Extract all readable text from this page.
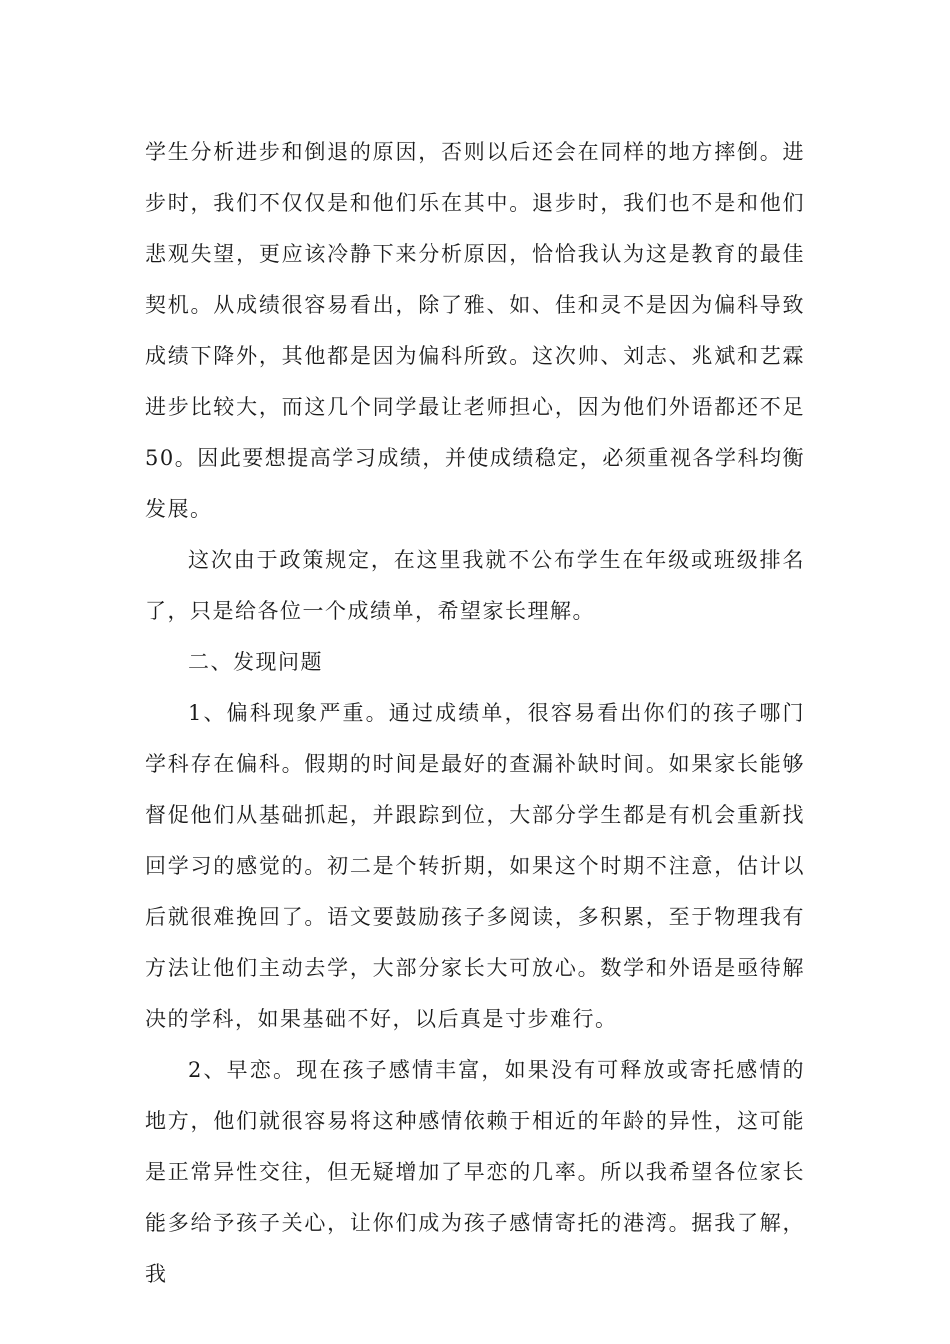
学生分析进步和倒退的原因，否则以后还会在同样的地方摔倒。进步时，我们不仅仅是和他们乐在其中。退步时，我们也不是和他们悲观失望，更应该冷静下来分析原因，恰恰我认为这是教育的最佳契机。从成绩很容易看出，除了雅、如、佳和灵不是因为偏科导致成绩下降外，其他都是因为偏科所致。这次帅、刘志、兆斌和艺霖进步比较大，而这几个同学最让老师担心，因为他们外语都还不足50。因此要想提高学习成绩，并使成绩稳定，必须重视各学科均衡发展。

这次由于政策规定，在这里我就不公布学生在年级或班级排名了，只是给各位一个成绩单，希望家长理解。

二、发现问题

1、偏科现象严重。通过成绩单，很容易看出你们的孩子哪门学科存在偏科。假期的时间是最好的查漏补缺时间。如果家长能够督促他们从基础抓起，并跟踪到位，大部分学生都是有机会重新找回学习的感觉的。初二是个转折期，如果这个时期不注意，估计以后就很难挽回了。语文要鼓励孩子多阅读，多积累，至于物理我有方法让他们主动去学，大部分家长大可放心。数学和外语是亟待解决的学科，如果基础不好，以后真是寸步难行。

2、早恋。现在孩子感情丰富，如果没有可释放或寄托感情的地方，他们就很容易将这种感情依赖于相近的年龄的异性，这可能是正常异性交往，但无疑增加了早恋的几率。所以我希望各位家长能多给予孩子关心，让你们成为孩子感情寄托的港湾。据我了解，我
